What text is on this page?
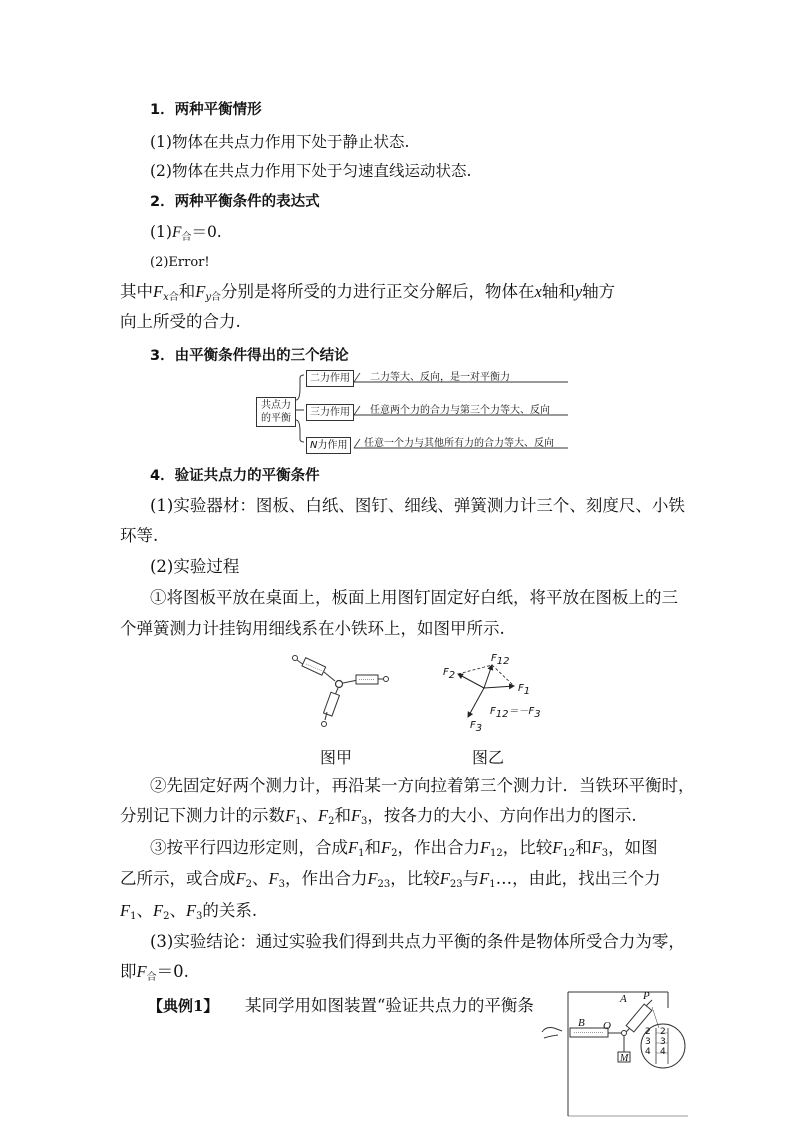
1．两种平衡情形
(1)物体在共点力作用下处于静止状态.
(2)物体在共点力作用下处于匀速直线运动状态.
2．两种平衡条件的表达式
$(1)F_合=0$.
(2)Error!
其中$F_{x合}$和$F_{y合}$分别是将所受的力进行正交分解后，物体在x轴和y轴方
向上所受的合力.
3．由平衡条件得出的三个结论
共点力
的平衡
二力作用
三力作用
N力作用
二力等大、反向，是一对平衡力
任意两个力的合力与第三个力等大、反向
任意一个力与其他所有力的合力等大、反向
4．验证共点力的平衡条件
(1)实验器材：图板、白纸、图钉、细线、弹簧测力计三个、刻度尺、小铁
环等.
(2)实验过程
①将图板平放在桌面上，板面上用图钉固定好白纸，将平放在图板上的三
个弹簧测力计挂钩用细线系在小铁环上，如图甲所示.
图甲
$F_2$
$F_{12}$
$F_1$
$F_{12}=-F_3$
$F_3$
图乙
②先固定好两个测力计，再沿某一方向拉着第三个测力计．当铁环平衡时，
分别记下测力计的示数$F_1$、$F_2$和$F_3$，按各力的大小、方向作出力的图示.
③按平行四边形定则，合成$F_1$和$F_2$，作出合力$F_{12}$，比较$F_{12}$和$F_3$，如图
乙所示，或合成$F_2$、$F_3$，作出合力$F_{23}$，比较$F_{23}$与$F_1\dots$，由此，找出三个力
$F_1$、$F_2$、$F_3$的关系.
(3)实验结论：通过实验我们得到共点力平衡的条件是物体所受合力为零，
即$F_合=0$.
【典例1】 某同学用如图装置“验证共点力的平衡条	A P
B O
M
2
3
4
2
3
4
